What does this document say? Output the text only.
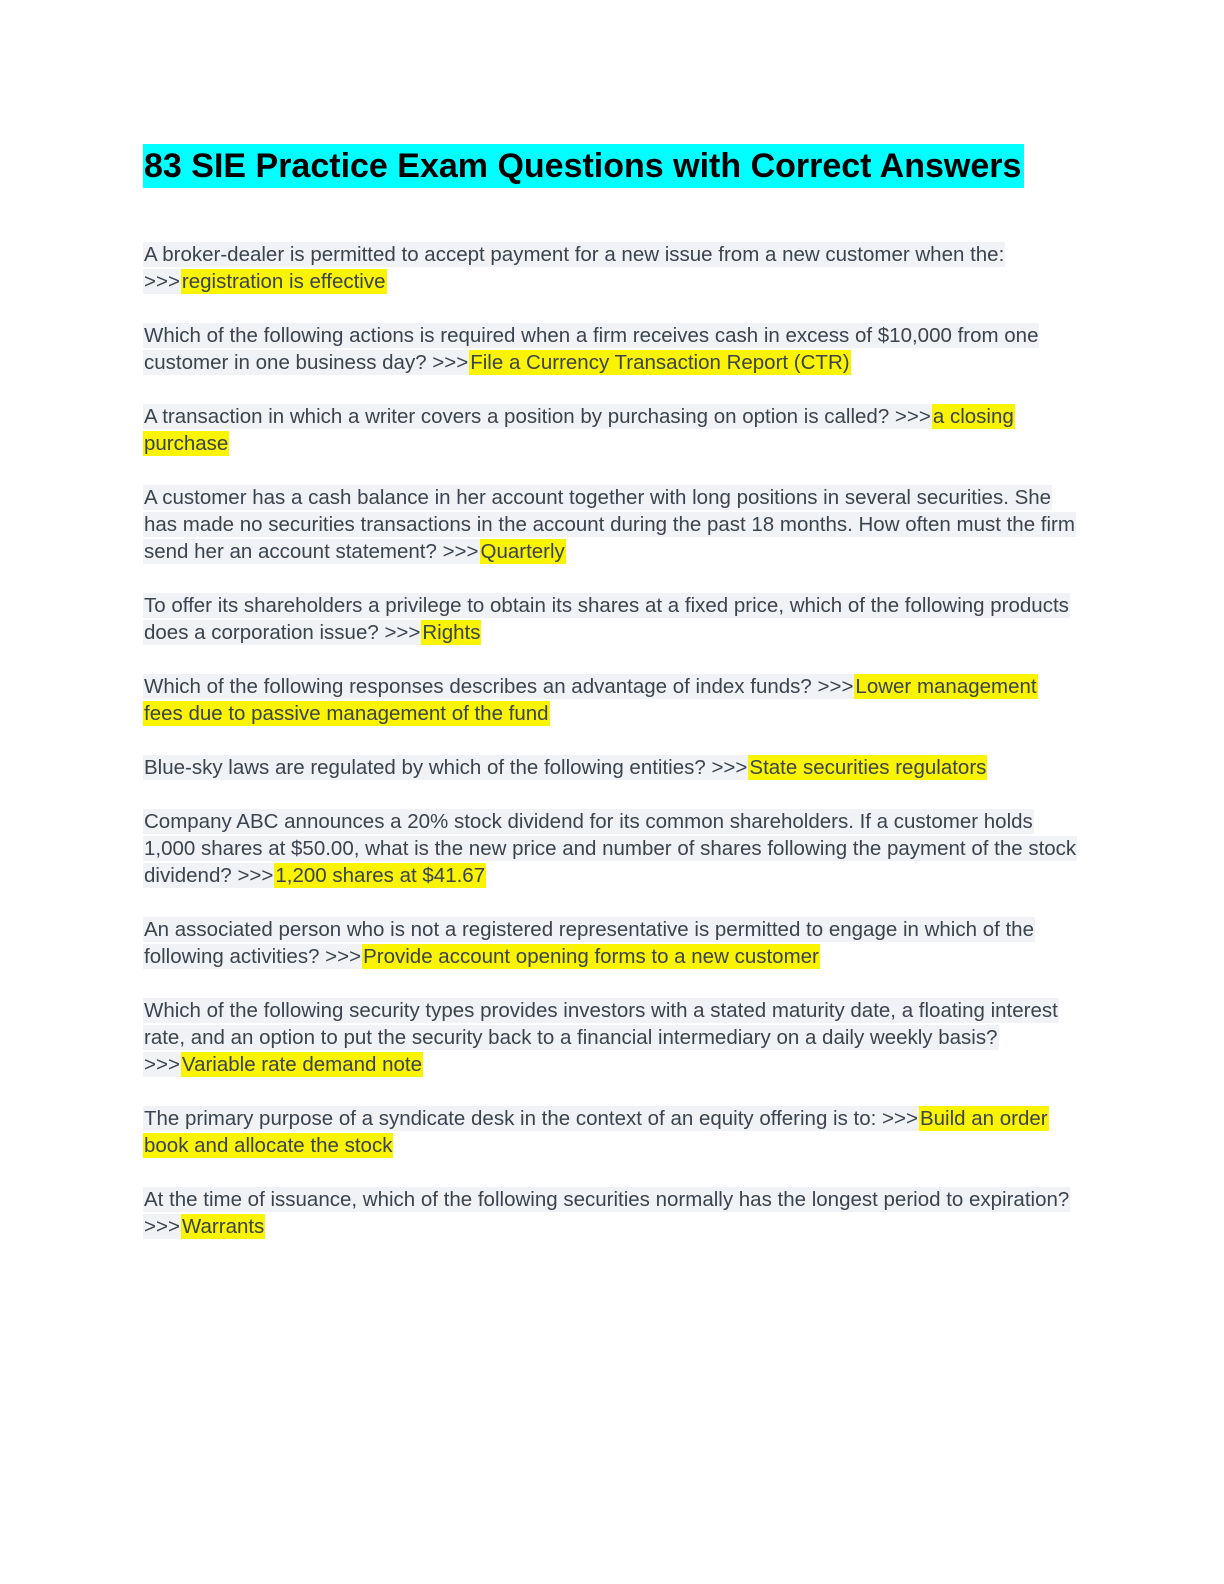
83 SIE Practice Exam Questions with Correct Answers

A broker-dealer is permitted to accept payment for a new issue from a new customer when the: >>>registration is effective

Which of the following actions is required when a firm receives cash in excess of $10,000 from one customer in one business day? >>>File a Currency Transaction Report (CTR)

A transaction in which a writer covers a position by purchasing on option is called? >>>a closing purchase

A customer has a cash balance in her account together with long positions in several securities. She has made no securities transactions in the account during the past 18 months. How often must the firm send her an account statement? >>>Quarterly

To offer its shareholders a privilege to obtain its shares at a fixed price, which of the following products does a corporation issue? >>>Rights

Which of the following responses describes an advantage of index funds? >>>Lower management fees due to passive management of the fund

Blue-sky laws are regulated by which of the following entities? >>>State securities regulators

Company ABC announces a 20% stock dividend for its common shareholders. If a customer holds 1,000 shares at $50.00, what is the new price and number of shares following the payment of the stock dividend? >>>1,200 shares at $41.67

An associated person who is not a registered representative is permitted to engage in which of the following activities? >>>Provide account opening forms to a new customer

Which of the following security types provides investors with a stated maturity date, a floating interest rate, and an option to put the security back to a financial intermediary on a daily weekly basis? >>>Variable rate demand note

The primary purpose of a syndicate desk in the context of an equity offering is to: >>>Build an order book and allocate the stock

At the time of issuance, which of the following securities normally has the longest period to expiration? >>>Warrants
